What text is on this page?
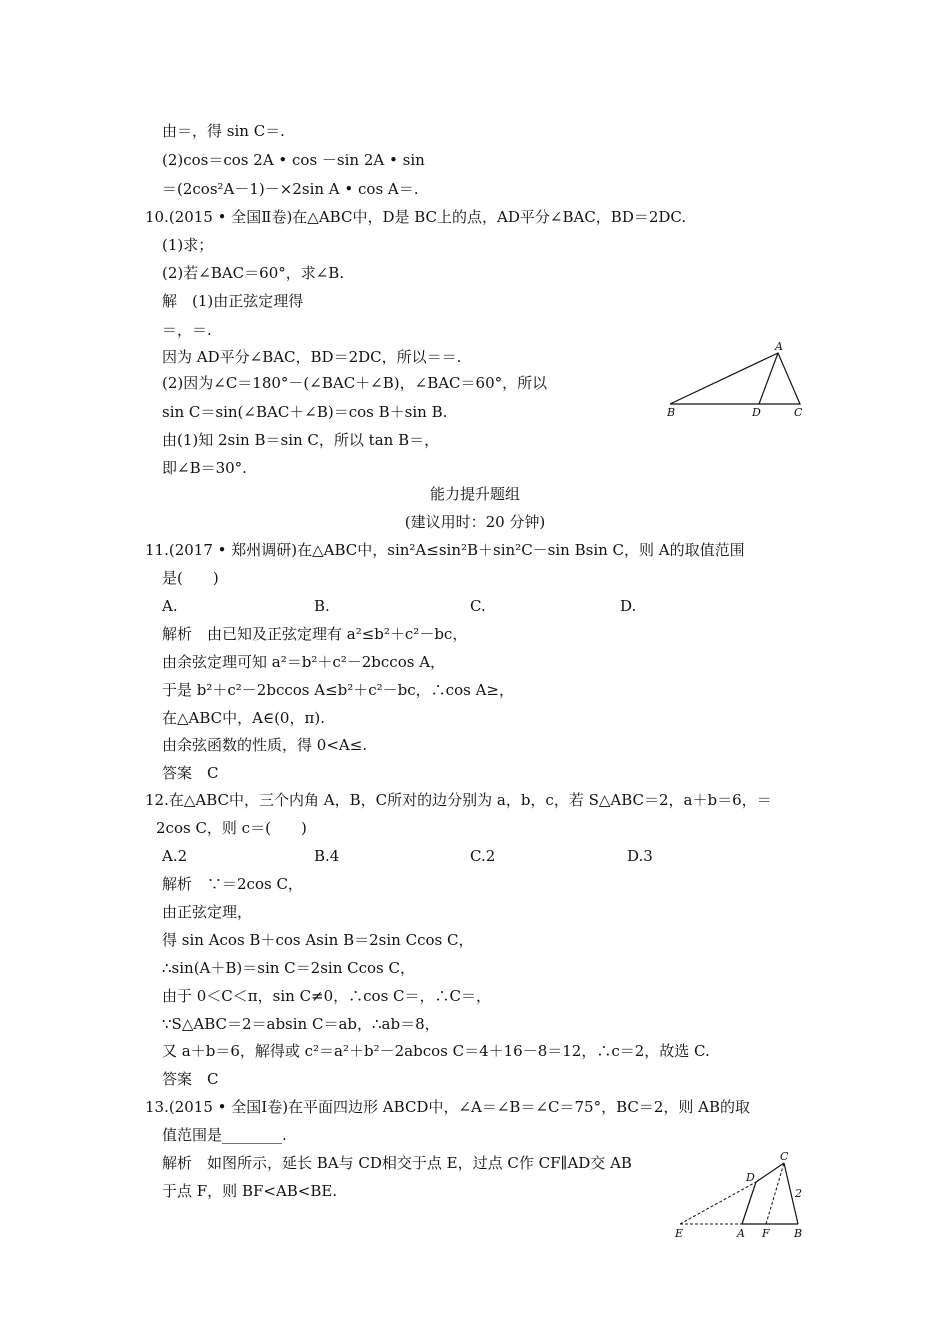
由＝，得 sin C＝.
(2)cos＝cos 2A • cos －sin 2A • sin
＝(2cos²A－1)－×2sin A • cos A＝.
10.(2015 • 全国Ⅱ卷)在△ABC中，D是 BC上的点，AD平分∠BAC，BD＝2DC.
(1)求；
(2)若∠BAC＝60°，求∠B.
解　(1)由正弦定理得
＝，＝.
因为 AD平分∠BAC，BD＝2DC，所以＝＝.
(2)因为∠C＝180°－(∠BAC＋∠B)，∠BAC＝60°，所以
sin C＝sin(∠BAC＋∠B)＝cos B＋sin B.
由(1)知 2sin B＝sin C，所以 tan B＝，
即∠B＝30°.
A
B	D	C
能力提升题组
(建议用时：20 分钟)
11.(2017 • 郑州调研)在△ABC中，sin²A≤sin²B＋sin²C－sin Bsin C，则 A的取值范围
是(　　)
A.	B.	C.	D.
解析　由已知及正弦定理有 a²≤b²＋c²－bc，
由余弦定理可知 a²＝b²＋c²－2bccos A，
于是 b²＋c²－2bccos A≤b²＋c²－bc，∴cos A≥，
在△ABC中，A∈(0，π).
由余弦函数的性质，得 0<A≤.
答案　C
12.在△ABC中，三个内角 A，B，C所对的边分别为 a，b，c，若 S△ABC＝2，a＋b＝6，＝
2cos C，则 c＝(　　)
A.2	B.4	C.2	D.3
解析　∵＝2cos C，
由正弦定理，
得 sin Acos B＋cos Asin B＝2sin Ccos C，
∴sin(A＋B)＝sin C＝2sin Ccos C，
由于 0＜C＜π，sin C≠0，∴cos C＝，∴C＝，
∵S△ABC＝2＝absin C＝ab，∴ab＝8，
又 a＋b＝6，解得或 c²＝a²＋b²－2abcos C＝4＋16－8＝12，∴c＝2，故选 C.
答案　C
13.(2015 • 全国Ⅰ卷)在平面四边形 ABCD中，∠A＝∠B＝∠C＝75°，BC＝2，则 AB的取
值范围是________.
解析　如图所示，延长 BA与 CD相交于点 E，过点 C作 CF∥AD交 AB
于点 F，则 BF<AB<BE.
C
D
2
E	A F B
